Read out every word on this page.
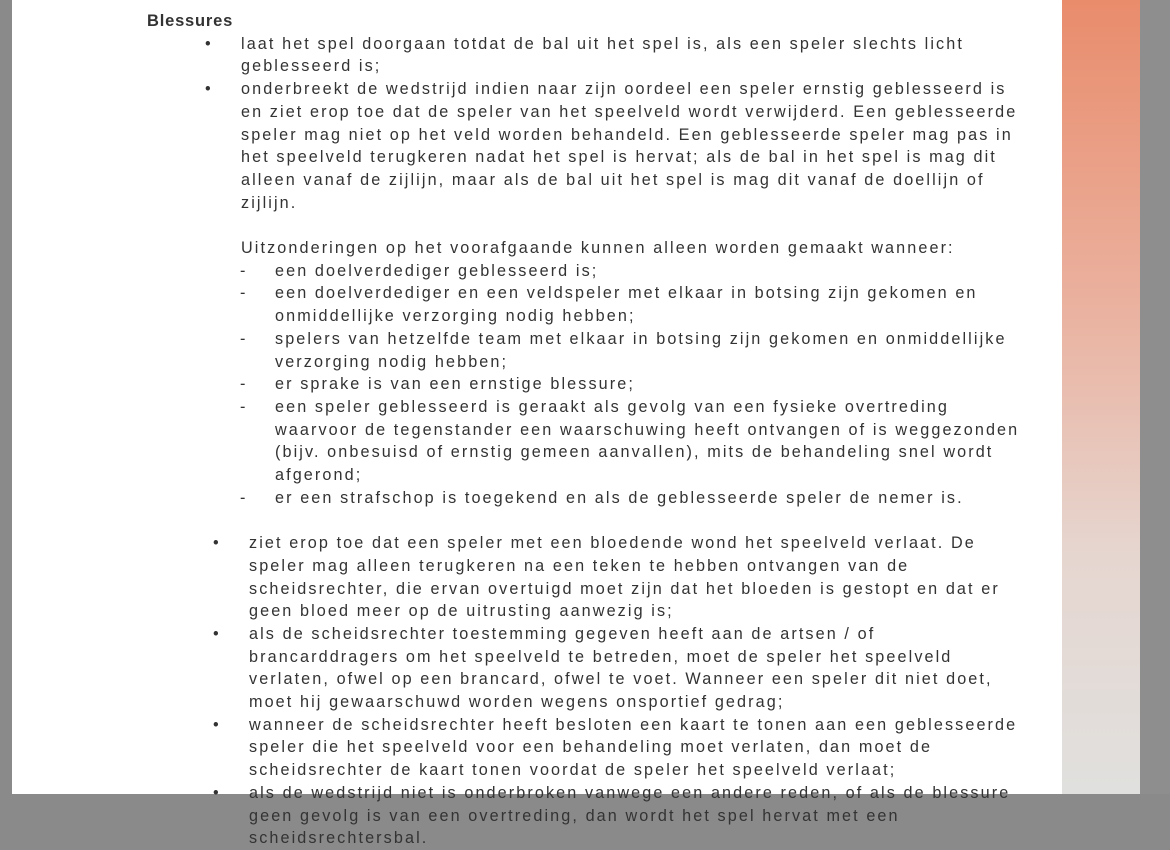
Blessures
• laat het spel doorgaan totdat de bal uit het spel is, als een speler slechts licht geblesseerd is;
• onderbreekt de wedstrijd indien naar zijn oordeel een speler ernstig geblesseerd is en ziet erop toe dat de speler van het speelveld wordt verwijderd. Een geblesseerde speler mag niet op het veld worden behandeld. Een geblesseerde speler mag pas in het speelveld terugkeren nadat het spel is hervat; als de bal in het spel is mag dit alleen vanaf de zijlijn, maar als de bal uit het spel is mag dit vanaf de doellijn of zijlijn.
Uitzonderingen op het voorafgaande kunnen alleen worden gemaakt wanneer:
- een doelverdediger geblesseerd is;
- een doelverdediger en een veldspeler met elkaar in botsing zijn gekomen en onmiddellijke verzorging nodig hebben;
- spelers van hetzelfde team met elkaar in botsing zijn gekomen en onmiddellijke verzorging nodig hebben;
- er sprake is van een ernstige blessure;
- een speler geblesseerd is geraakt als gevolg van een fysieke overtreding waarvoor de tegenstander een waarschuwing heeft ontvangen of is weggezonden (bijv. onbesuisd of ernstig gemeen aanvallen), mits de behandeling snel wordt afgerond;
- er een strafschop is toegekend en als de geblesseerde speler de nemer is.
• ziet erop toe dat een speler met een bloedende wond het speelveld verlaat. De speler mag alleen terugkeren na een teken te hebben ontvangen van de scheidsrechter, die ervan overtuigd moet zijn dat het bloeden is gestopt en dat er geen bloed meer op de uitrusting aanwezig is;
• als de scheidsrechter toestemming gegeven heeft aan de artsen / of brancarddragers om het speelveld te betreden, moet de speler het speelveld verlaten, ofwel op een brancard, ofwel te voet. Wanneer een speler dit niet doet, moet hij gewaarschuwd worden wegens onsportief gedrag;
• wanneer de scheidsrechter heeft besloten een kaart te tonen aan een geblesseerde speler die het speelveld voor een behandeling moet verlaten, dan moet de scheidsrechter de kaart tonen voordat de speler het speelveld verlaat;
• als de wedstrijd niet is onderbroken vanwege een andere reden, of als de blessure geen gevolg is van een overtreding, dan wordt het spel hervat met een scheidsrechtersbal.
